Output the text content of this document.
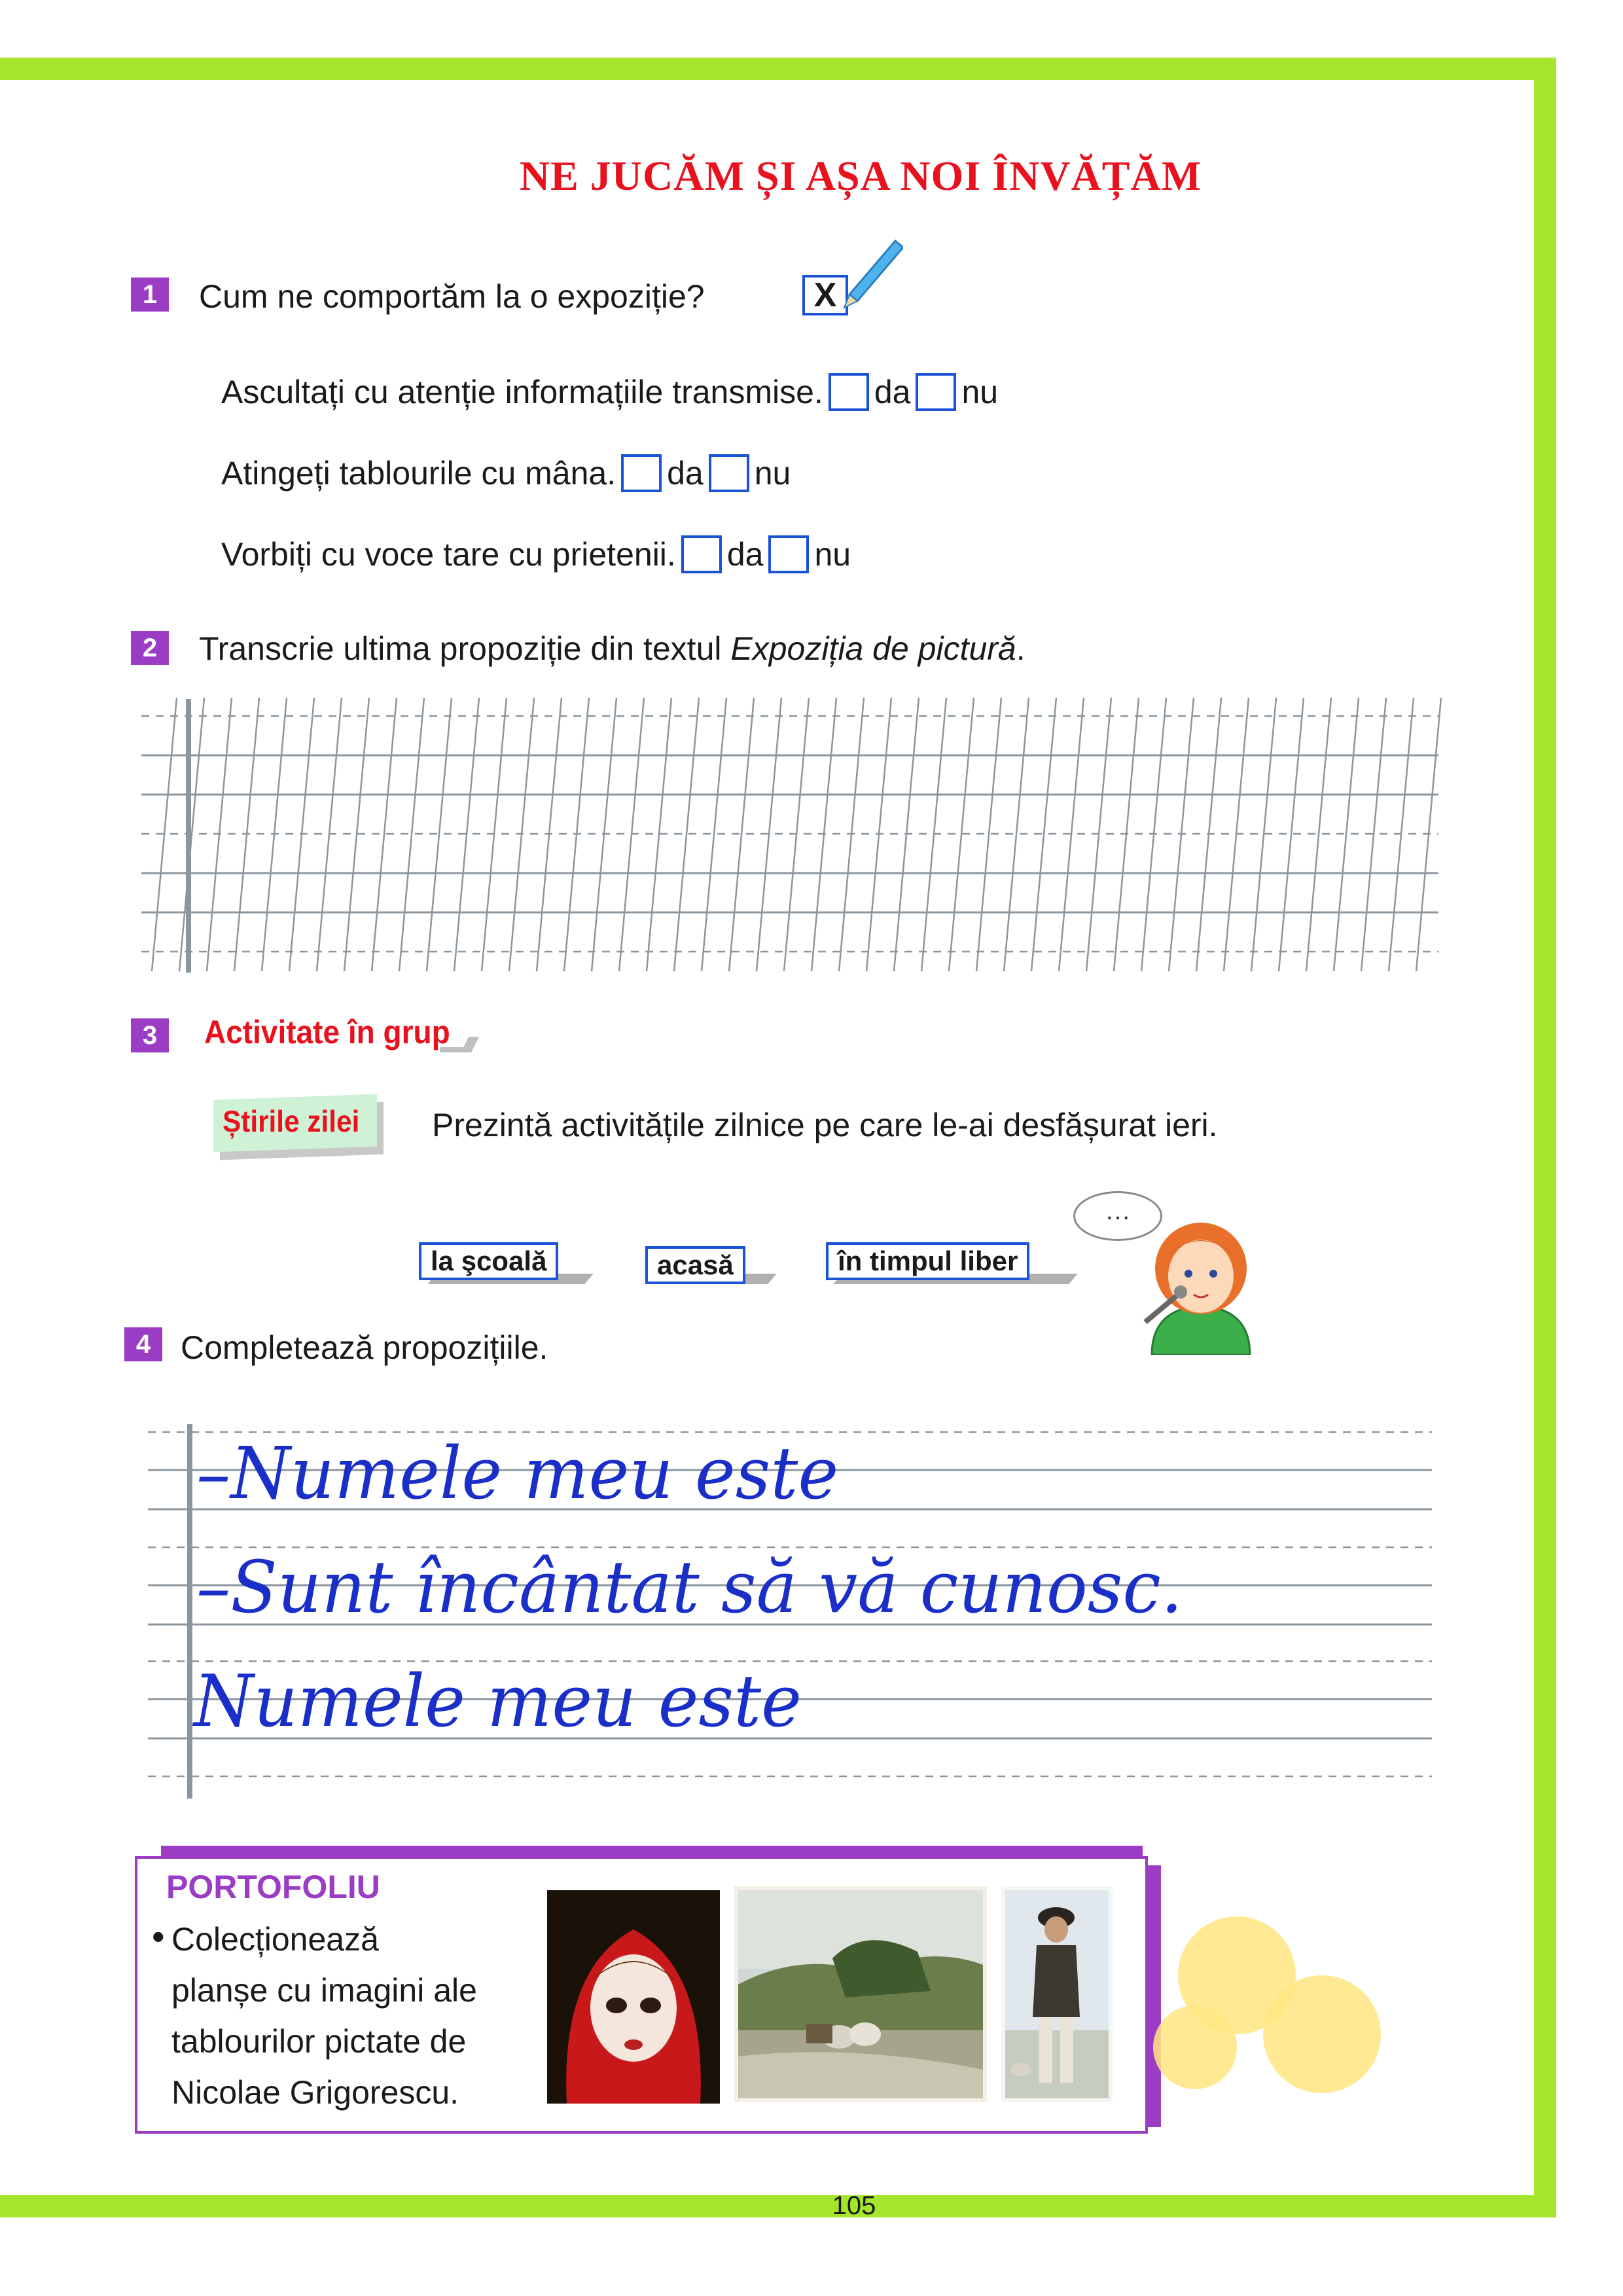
NE JUCĂM ȘI AȘA NOI ÎNVĂȚĂM
1	Cum ne comportăm la o expoziție?	X
Ascultați cu atenție informațiile transmise. da nu
Atingeți tablourile cu mâna. da nu
Vorbiți cu voce tare cu prietenii. da nu
2	Transcrie ultima propoziție din textul Expoziția de pictură.
3	Activitate în grup
Știrile zilei Prezintă activitățile zilnice pe care le-ai desfășurat ieri.
la şcoală	acasă	în timpul liber
…
4 Completează propozițiile.
–Numele meu este
–Sunt încântat să vă cunosc.
Numele meu este
PORTOFOLIU
• Colecționează
planșe cu imagini ale
tablourilor pictate de
Nicolae Grigorescu.
105
